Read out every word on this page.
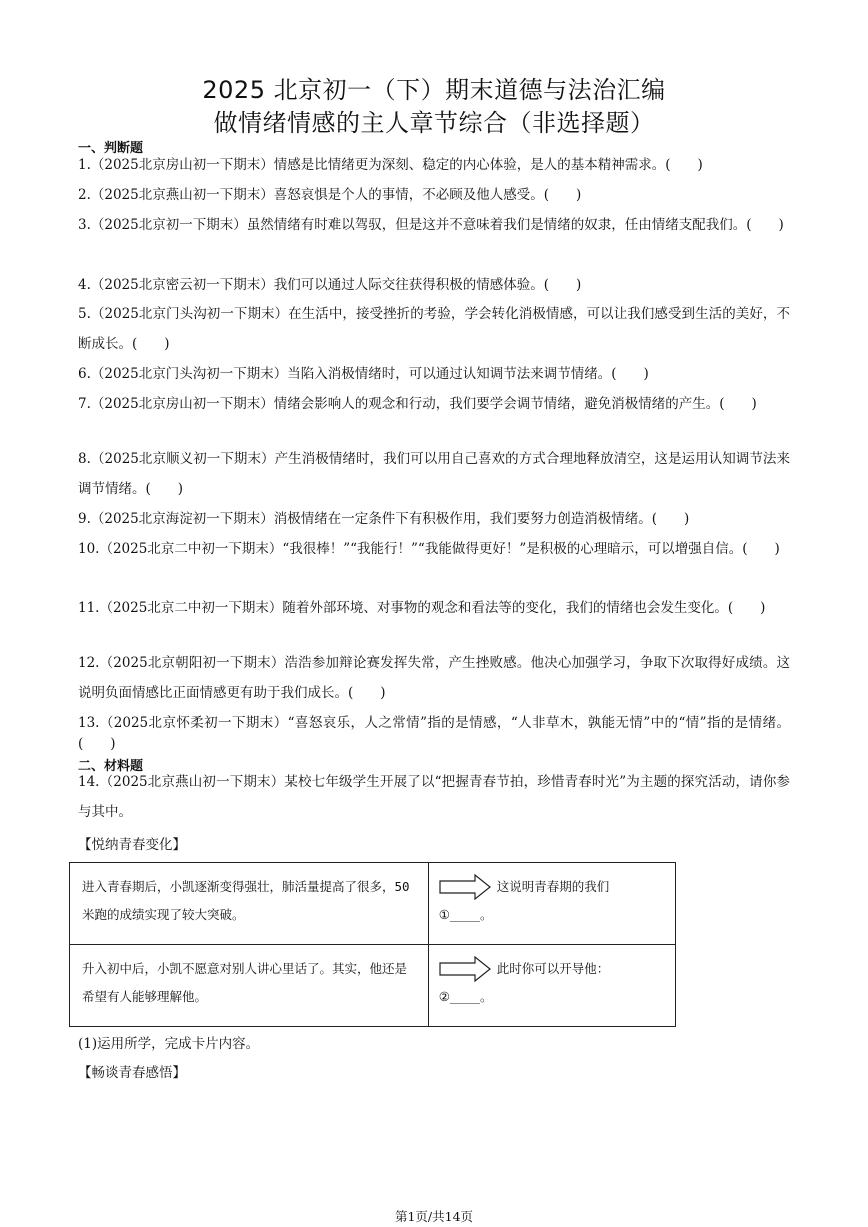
2025 北京初一（下）期末道德与法治汇编
做情绪情感的主人章节综合（非选择题）
一、判断题
1.（2025北京房山初一下期末）情感是比情绪更为深刻、稳定的内心体验，是人的基本精神需求。(　　)
2.（2025北京燕山初一下期末）喜怒哀惧是个人的事情，不必顾及他人感受。(　　)
3.（2025北京初一下期末）虽然情绪有时难以驾驭，但是这并不意味着我们是情绪的奴隶，任由情绪支配我们。(　　)
4.（2025北京密云初一下期末）我们可以通过人际交往获得积极的情感体验。(　　)
5.（2025北京门头沟初一下期末）在生活中，接受挫折的考验，学会转化消极情感，可以让我们感受到生活的美好，不断成长。(　　)
6.（2025北京门头沟初一下期末）当陷入消极情绪时，可以通过认知调节法来调节情绪。(　　)
7.（2025北京房山初一下期末）情绪会影响人的观念和行动，我们要学会调节情绪，避免消极情绪的产生。(　　)
8.（2025北京顺义初一下期末）产生消极情绪时，我们可以用自己喜欢的方式合理地释放清空，这是运用认知调节法来调节情绪。(　　)
9.（2025北京海淀初一下期末）消极情绪在一定条件下有积极作用，我们要努力创造消极情绪。(　　)
10.（2025北京二中初一下期末）“我很棒！”“我能行！”“我能做得更好！”是积极的心理暗示，可以增强自信。(　　)
11.（2025北京二中初一下期末）随着外部环境、对事物的观念和看法等的变化，我们的情绪也会发生变化。(　　)
12.（2025北京朝阳初一下期末）浩浩参加辩论赛发挥失常，产生挫败感。他决心加强学习，争取下次取得好成绩。这说明负面情感比正面情感更有助于我们成长。(　　)
13.（2025北京怀柔初一下期末）“喜怒哀乐，人之常情”指的是情感，“人非草木，孰能无情”中的“情”指的是情绪。(　　)
二、材料题
14.（2025北京燕山初一下期末）某校七年级学生开展了以“把握青春节拍，珍惜青春时光”为主题的探究活动，请你参与其中。
【悦纳青春变化】
进入青春期后，小凯逐渐变得强壮，肺活量提高了很多，50米跑的成绩实现了较大突破。	这说明青春期的我们
①____。

升入初中后，小凯不愿意对别人讲心里话了。其实，他还是希望有人能够理解他。	此时你可以开导他：
②____。
(1)运用所学，完成卡片内容。
【畅谈青春感悟】
第1页/共14页
